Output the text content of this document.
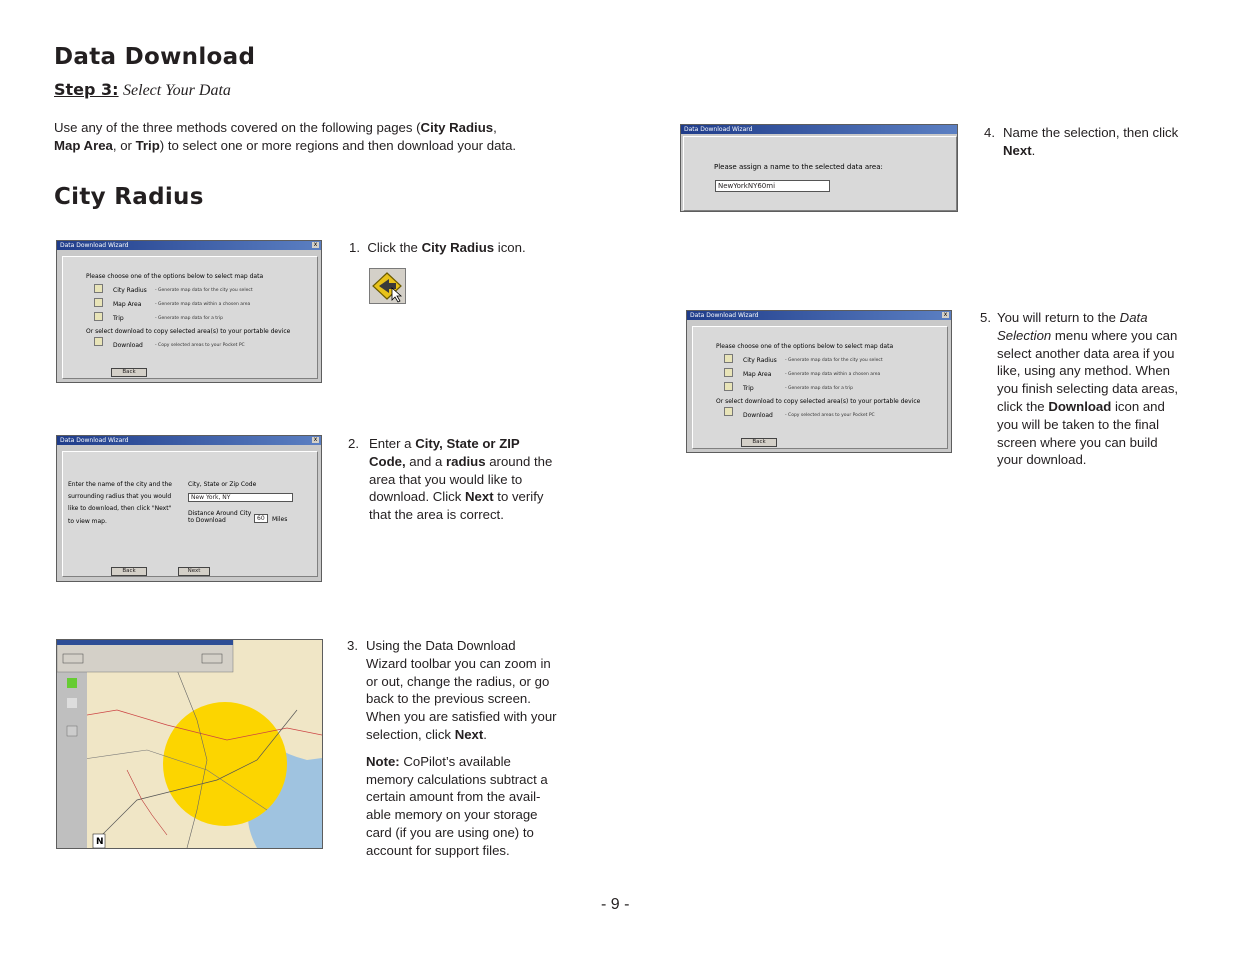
Data Download
Step 3: Select Your Data
Use any of the three methods covered on the following pages (City Radius,
Map Area, or Trip) to select one or more regions and then download your data.
City Radius
Data Download Wizard	x
Please choose one of the options below to select map data
City Radius - Generate map data for the city you select
Map Area	- Generate map data within a chosen area
Trip	- Generate map data for a trip
Or select download to copy selected area(s) to your portable device
Download	- Copy selected areas to your Pocket PC
Back
1. Click the City Radius icon.
Data Download Wizard	x
Enter the name of the city and the
surrounding radius that you would
like to download, then click "Next"
to view map.
City, State or Zip Code
New York, NY
Distance Around City
to Download	60	Miles
Back	Next
2. Enter a City, State or ZIP Code, and a radius around the area that you would like to download. Click Next to verify that the area is correct.
N
3. Using the Data Download Wizard toolbar you can zoom in or out, change the radius, or go back to the previous screen. When you are satisfied with your selection, click Next.
Note: CoPilot’s available memory calculations subtract a certain amount from the avail-able memory on your storage card (if you are using one) to account for support files.
Data Download Wizard
Please assign a name to the selected data area:
NewYorkNY60mi
4. Name the selection, then click Next.
Data Download Wizard	x
Please choose one of the options below to select map data
City Radius - Generate map data for the city you select
Map Area	- Generate map data within a chosen area
Trip	- Generate map data for a trip
Or select download to copy selected area(s) to your portable device
Download	- Copy selected areas to your Pocket PC
Back
5. You will return to the Data Selection menu where you can select another data area if you like, using any method. When you finish selecting data areas, click the Download icon and you will be taken to the final screen where you can build your download.
- 9 -
